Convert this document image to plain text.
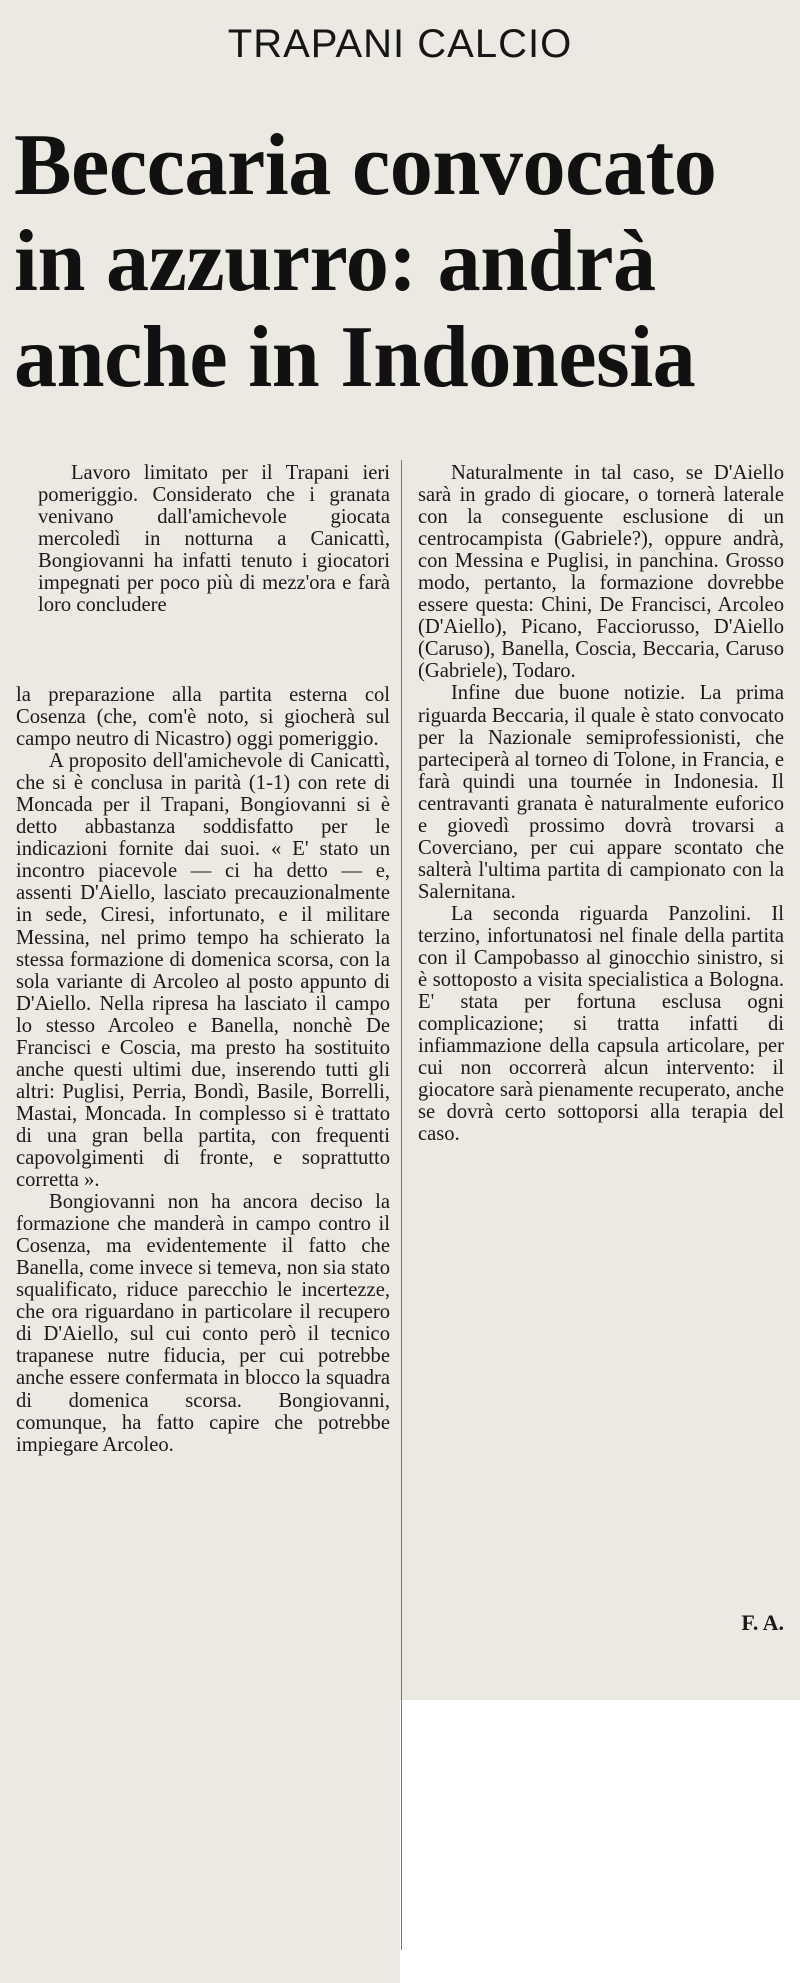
TRAPANI CALCIO
Beccaria convocato
in azzurro: andrà
anche in Indonesia

Lavoro limitato per il Trapani ieri pomeriggio. Considerato che i granata venivano dall'amichevole giocata mercoledì in notturna a Canicattì, Bongiovanni ha infatti tenuto i giocatori impegnati per poco più di mezz'ora e farà loro concludere

la preparazione alla partita esterna col Cosenza (che, com'è noto, si giocherà sul campo neutro di Nicastro) oggi pomeriggio.

A proposito dell'amichevole di Canicattì, che si è conclusa in parità (1-1) con rete di Moncada per il Trapani, Bongiovanni si è detto abbastanza soddisfatto per le indicazioni fornite dai suoi. « E' stato un incontro piacevole — ci ha detto — e, assenti D'Aiello, lasciato precauzionalmente in sede, Ciresi, infortunato, e il militare Messina, nel primo tempo ha schierato la stessa formazione di domenica scorsa, con la sola variante di Arcoleo al posto appunto di D'Aiello. Nella ripresa ha lasciato il campo lo stesso Arcoleo e Banella, nonchè De Francisci e Coscia, ma presto ha sostituito anche questi ultimi due, inserendo tutti gli altri: Puglisi, Perria, Bondì, Basile, Borrelli, Mastai, Moncada. In complesso si è trattato di una gran bella partita, con frequenti capovolgimenti di fronte, e soprattutto corretta ».

Bongiovanni non ha ancora deciso la formazione che manderà in campo contro il Cosenza, ma evidentemente il fatto che Banella, come invece si temeva, non sia stato squalificato, riduce parecchio le incertezze, che ora riguardano in particolare il recupero di D'Aiello, sul cui conto però il tecnico trapanese nutre fiducia, per cui potrebbe anche essere confermata in blocco la squadra di domenica scorsa. Bongiovanni, comunque, ha fatto capire che potrebbe impiegare Arcoleo.

Naturalmente in tal caso, se D'Aiello sarà in grado di giocare, o tornerà laterale con la conseguente esclusione di un centrocampista (Gabriele?), oppure andrà, con Messina e Puglisi, in panchina. Grosso modo, pertanto, la formazione dovrebbe essere questa: Chini, De Francisci, Arcoleo (D'Aiello), Picano, Facciorusso, D'Aiello (Caruso), Banella, Coscia, Beccaria, Caruso (Gabriele), Todaro.

Infine due buone notizie. La prima riguarda Beccaria, il quale è stato convocato per la Nazionale semiprofessionisti, che parteciperà al torneo di Tolone, in Francia, e farà quindi una tournée in Indonesia. Il centravanti granata è naturalmente euforico e giovedì prossimo dovrà trovarsi a Coverciano, per cui appare scontato che salterà l'ultima partita di campionato con la Salernitana.

La seconda riguarda Panzolini. Il terzino, infortunatosi nel finale della partita con il Campobasso al ginocchio sinistro, si è sottoposto a visita specialistica a Bologna. E' stata per fortuna esclusa ogni complicazione; si tratta infatti di infiammazione della capsula articolare, per cui non occorrerà alcun intervento: il giocatore sarà pienamente recuperato, anche se dovrà certo sottoporsi alla terapia del caso.

F. A.
